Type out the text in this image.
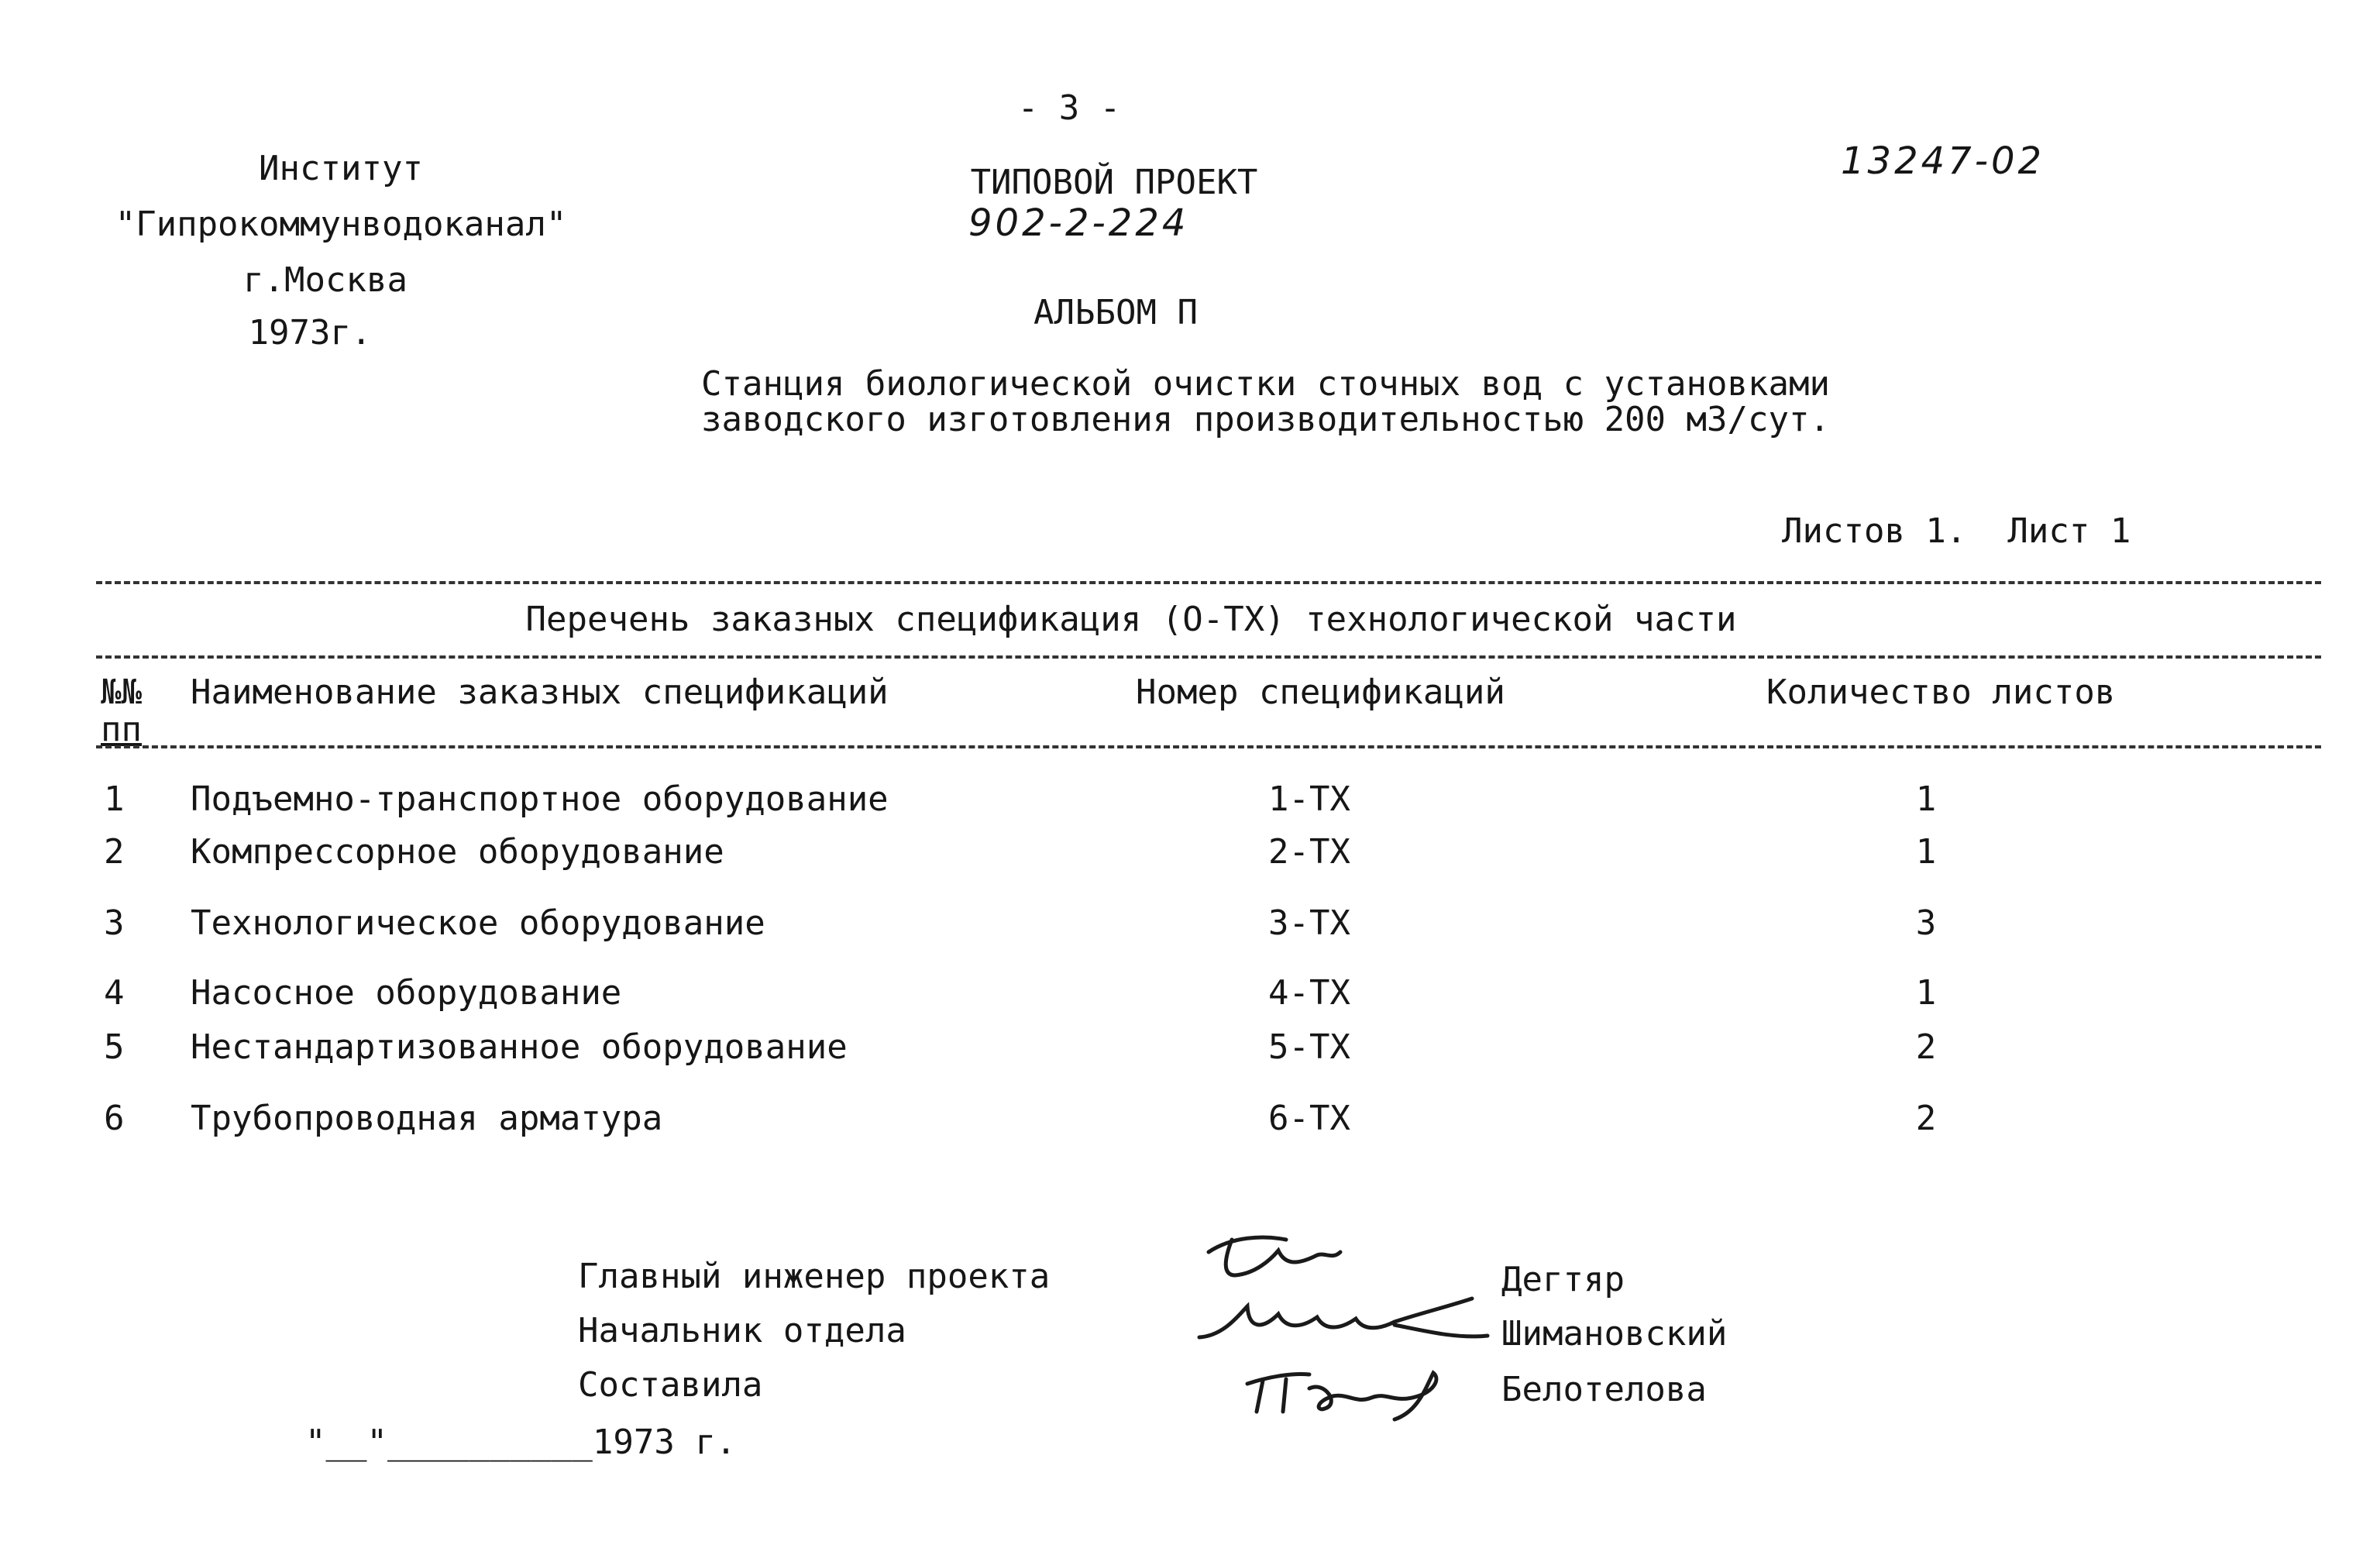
- 3 -
Институт
"Гипрокоммунводоканал"
г.Москва
1973г.
ТИПОВОЙ ПРОЕКТ
902-2-224
АЛЬБОМ П
13247-02
Станция биологической очистки сточных вод с установками
заводского изготовления производительностью 200 м3/сут.
Листов 1.  Лист 1
Перечень заказных спецификация (О-ТХ) технологической части
№№
пп
Наименование заказных спецификаций	Номер спецификаций	Количество листов
1 Подъемно-транспортное оборудование	1-ТХ	1
2 Компрессорное оборудование	2-ТХ	1
3 Технологическое оборудование	3-ТХ	3
4 Насосное оборудование	4-ТХ	1
5 Нестандартизованное оборудование	5-ТХ	2
6 Трубопроводная арматура	6-ТХ	2
Главный инженер проекта
Начальник отдела
Составила
"__"__________1973 г.
Дегтяр
Шимановский
Белотелова
